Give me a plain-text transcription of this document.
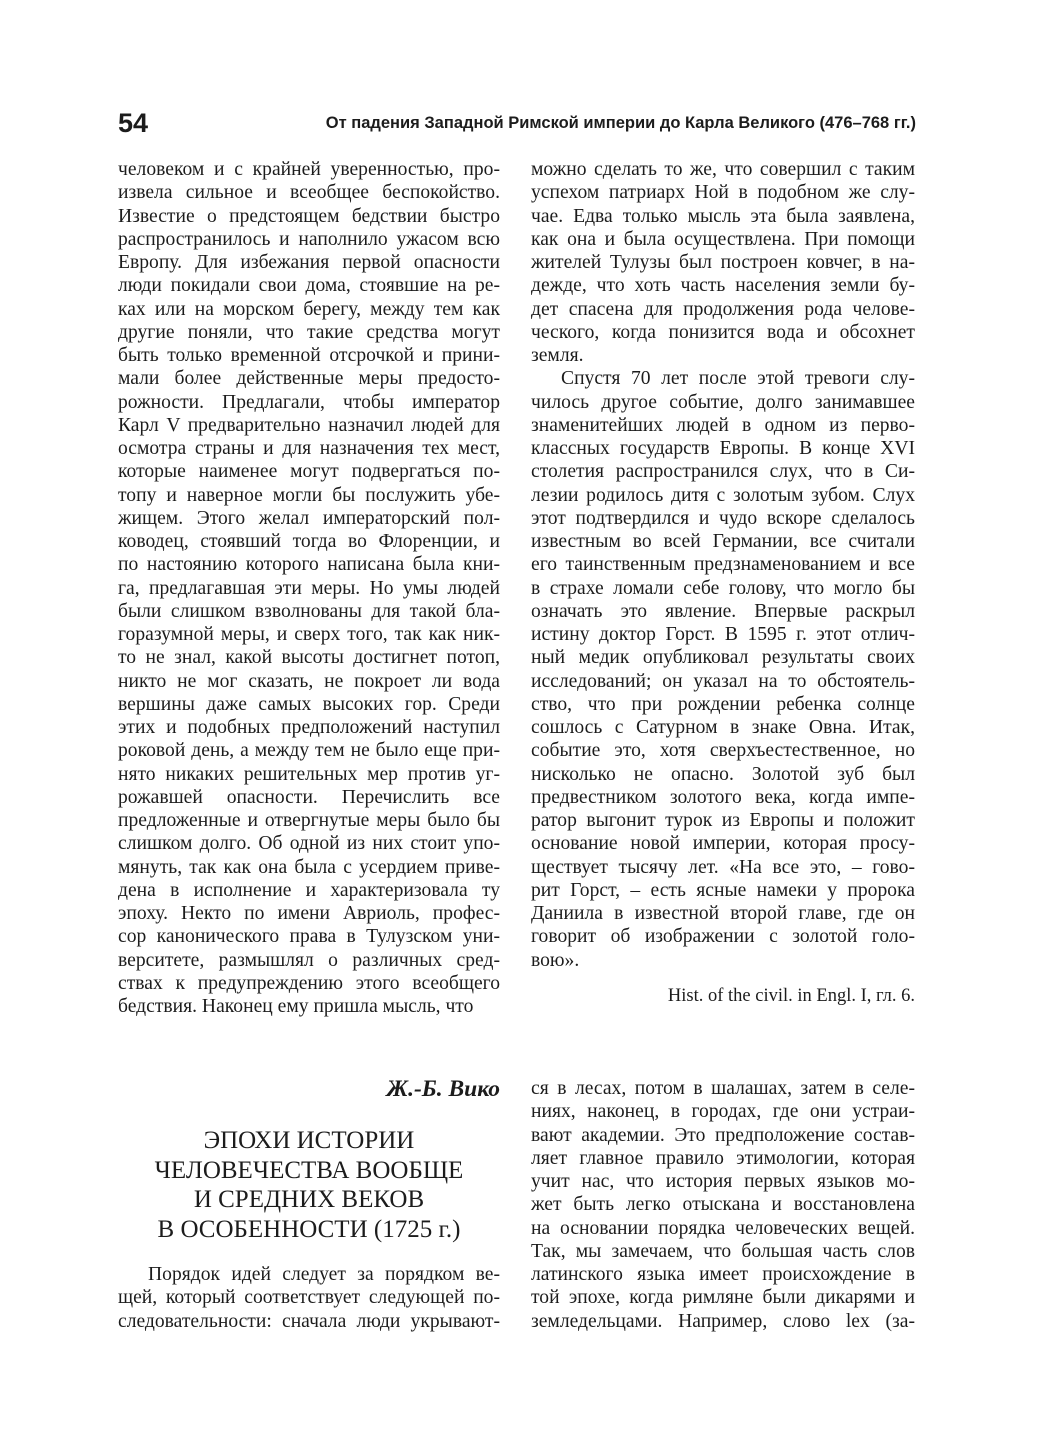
54	От падения Западной Римской империи до Карла Великого (476–768 гг.)
человеком и с крайней уверенностью, про-
извела сильное и всеобщее беспокойство.
Известие о предстоящем бедствии быстро
распространилось и наполнило ужасом всю
Европу. Для избежания первой опасности
люди покидали свои дома, стоявшие на ре-
ках или на морском берегу, между тем как
другие поняли, что такие средства могут
быть только временной отсрочкой и прини-
мали более действенные меры предосто-
рожности. Предлагали, чтобы император
Карл V предварительно назначил людей для
осмотра страны и для назначения тех мест,
которые наименее могут подвергаться по-
топу и наверное могли бы послужить убе-
жищем. Этого желал императорский пол-
ководец, стоявший тогда во Флоренции, и
по настоянию которого написана была кни-
га, предлагавшая эти меры. Но умы людей
были слишком взволнованы для такой бла-
горазумной меры, и сверх того, так как ник-
то не знал, какой высоты достигнет потоп,
никто не мог сказать, не покроет ли вода
вершины даже самых высоких гор. Среди
этих и подобных предположений наступил
роковой день, а между тем не было еще при-
нято никаких решительных мер против уг-
рожавшей опасности. Перечислить все
предложенные и отвергнутые меры было бы
слишком долго. Об одной из них стоит упо-
мянуть, так как она была с усердием приве-
дена в исполнение и характеризовала ту
эпоху. Некто по имени Авриоль, профес-
сор канонического права в Тулузском уни-
верситете, размышлял о различных сред-
ствах к предупреждению этого всеобщего
бедствия. Наконец ему пришла мысль, что
можно сделать то же, что совершил с таким
успехом патриарх Ной в подобном же слу-
чае. Едва только мысль эта была заявлена,
как она и была осуществлена. При помощи
жителей Тулузы был построен ковчег, в на-
дежде, что хоть часть населения земли бу-
дет спасена для продолжения рода челове-
ческого, когда понизится вода и обсохнет
земля.
Спустя 70 лет после этой тревоги слу-
чилось другое событие, долго занимавшее
знаменитейших людей в одном из перво-
классных государств Европы. В конце XVI
столетия распространился слух, что в Си-
лезии родилось дитя с золотым зубом. Слух
этот подтвердился и чудо вскоре сделалось
известным во всей Германии, все считали
его таинственным предзнаменованием и все
в страхе ломали себе голову, что могло бы
означать это явление. Впервые раскрыл
истину доктор Горст. В 1595 г. этот отлич-
ный медик опубликовал результаты своих
исследований; он указал на то обстоятель-
ство, что при рождении ребенка солнце
сошлось с Сатурном в знаке Овна. Итак,
событие это, хотя сверхъестественное, но
нисколько не опасно. Золотой зуб был
предвестником золотого века, когда импе-
ратор выгонит турок из Европы и положит
основание новой империи, которая просу-
ществует тысячу лет. «На все это, – гово-
рит Горст, – есть ясные намеки у пророка
Даниила в известной второй главе, где он
говорит об изображении с золотой голо-
вою».
Hist. of the civil. in Engl. I, гл. 6.
Ж.-Б. Вико
ЭПОХИ ИСТОРИИ
ЧЕЛОВЕЧЕСТВА ВООБЩЕ
И СРЕДНИХ ВЕКОВ
В ОСОБЕННОСТИ (1725 г.)
Порядок идей следует за порядком ве-
щей, который соответствует следующей по-
следовательности: сначала люди укрывают-
ся в лесах, потом в шалашах, затем в селе-
ниях, наконец, в городах, где они устраи-
вают академии. Это предположение состав-
ляет главное правило этимологии, которая
учит нас, что история первых языков мо-
жет быть легко отыскана и восстановлена
на основании порядка человеческих вещей.
Так, мы замечаем, что большая часть слов
латинского языка имеет происхождение в
той эпохе, когда римляне были дикарями и
земледельцами. Например, слово lex (за-
